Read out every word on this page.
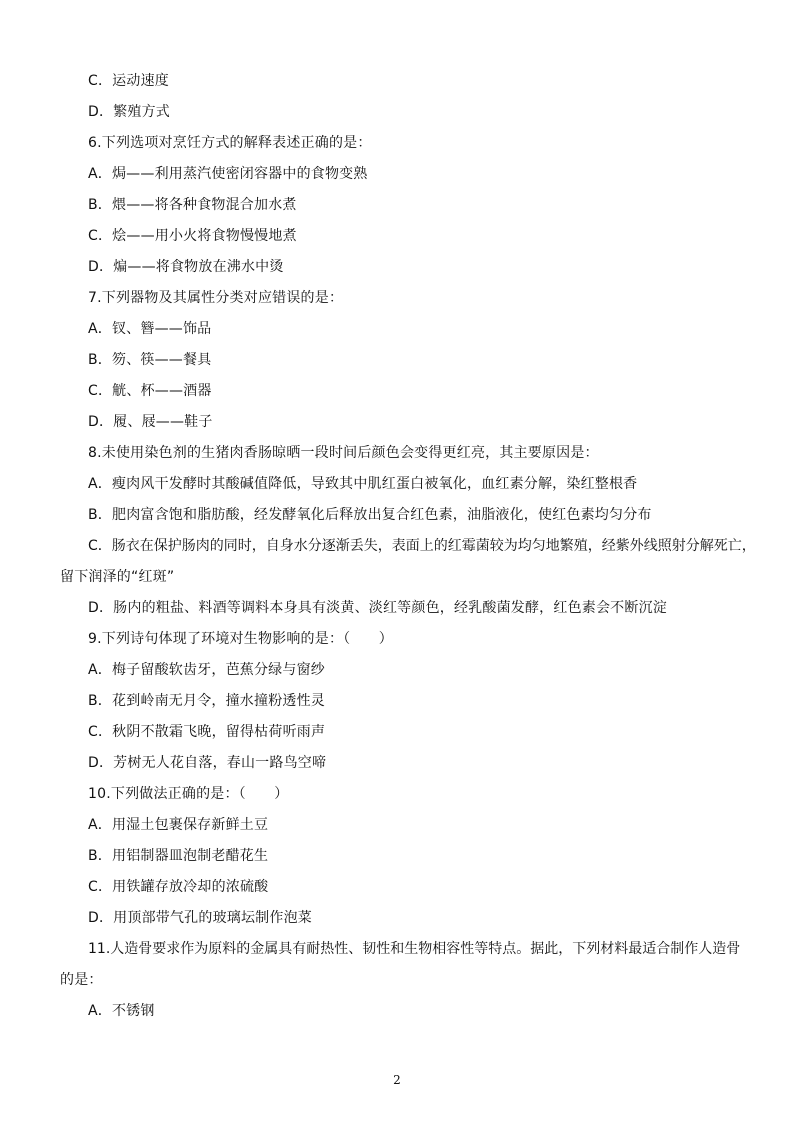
C．运动速度
D．繁殖方式
6.下列选项对烹饪方式的解释表述正确的是：
A．焗——利用蒸汽使密闭容器中的食物变熟
B．煨——将各种食物混合加水煮
C．烩——用小火将食物慢慢地煮
D．煸——将食物放在沸水中烫
7.下列器物及其属性分类对应错误的是：
A．钗、簪——饰品
B．笏、筷——餐具
C．觥、杯——酒器
D．履、屐——鞋子
8.未使用染色剂的生猪肉香肠晾晒一段时间后颜色会变得更红亮，其主要原因是：
A．瘦肉风干发酵时其酸碱值降低，导致其中肌红蛋白被氧化，血红素分解，染红整根香
B．肥肉富含饱和脂肪酸，经发酵氧化后释放出复合红色素，油脂液化，使红色素均匀分布
C．肠衣在保护肠肉的同时，自身水分逐渐丢失，表面上的红霉菌较为均匀地繁殖，经紫外线照射分解死亡，
留下润泽的“红斑”
D．肠内的粗盐、料酒等调料本身具有淡黄、淡红等颜色，经乳酸菌发酵，红色素会不断沉淀
9.下列诗句体现了环境对生物影响的是：（　　）
A．梅子留酸软齿牙，芭蕉分绿与窗纱
B．花到岭南无月令，撞水撞粉透性灵
C．秋阴不散霜飞晚，留得枯荷听雨声
D．芳树无人花自落，春山一路鸟空啼
10.下列做法正确的是：（　　）
A．用湿土包裹保存新鲜土豆
B．用铝制器皿泡制老醋花生
C．用铁罐存放冷却的浓硫酸
D．用顶部带气孔的玻璃坛制作泡菜
11.人造骨要求作为原料的金属具有耐热性、韧性和生物相容性等特点。据此，下列材料最适合制作人造骨
的是：
A．不锈钢
2
